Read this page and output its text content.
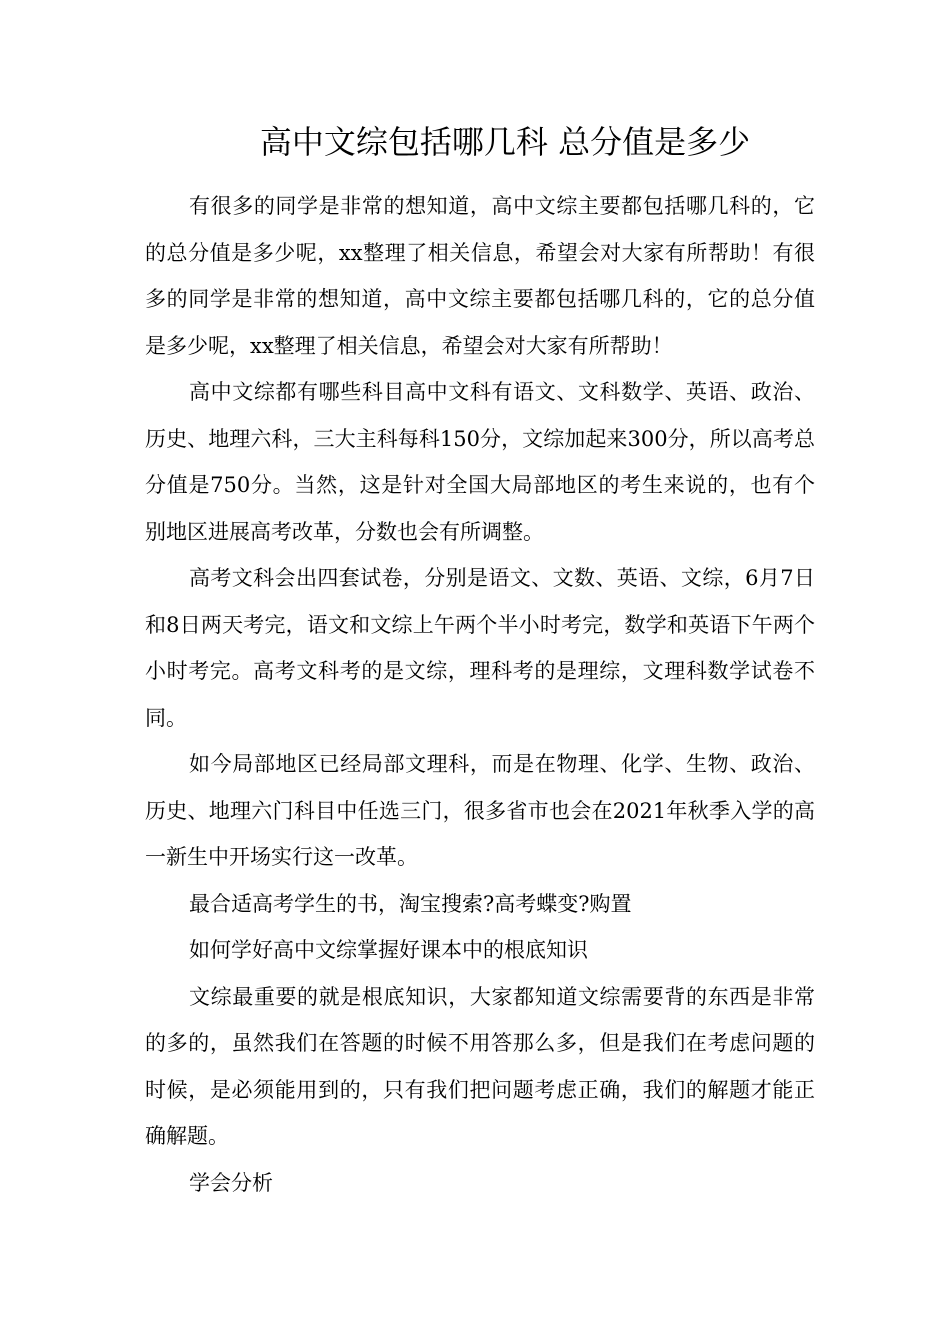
高中文综包括哪几科 总分值是多少

有很多的同学是非常的想知道，高中文综主要都包括哪几科的，它的总分值是多少呢，xx整理了相关信息，希望会对大家有所帮助！有很多的同学是非常的想知道，高中文综主要都包括哪几科的，它的总分值是多少呢，xx整理了相关信息，希望会对大家有所帮助！

高中文综都有哪些科目高中文科有语文、文科数学、英语、政治、历史、地理六科，三大主科每科150分，文综加起来300分，所以高考总分值是750分。当然，这是针对全国大局部地区的考生来说的，也有个别地区进展高考改革，分数也会有所调整。

高考文科会出四套试卷，分别是语文、文数、英语、文综，6月7日和8日两天考完，语文和文综上午两个半小时考完，数学和英语下午两个小时考完。高考文科考的是文综，理科考的是理综，文理科数学试卷不同。

如今局部地区已经局部文理科，而是在物理、化学、生物、政治、历史、地理六门科目中任选三门，很多省市也会在2021年秋季入学的高一新生中开场实行这一改革。

最合适高考学生的书，淘宝搜索?高考蝶变?购置

如何学好高中文综掌握好课本中的根底知识

文综最重要的就是根底知识，大家都知道文综需要背的东西是非常的多的，虽然我们在答题的时候不用答那么多，但是我们在考虑问题的时候，是必须能用到的，只有我们把问题考虑正确，我们的解题才能正确解题。

学会分析
